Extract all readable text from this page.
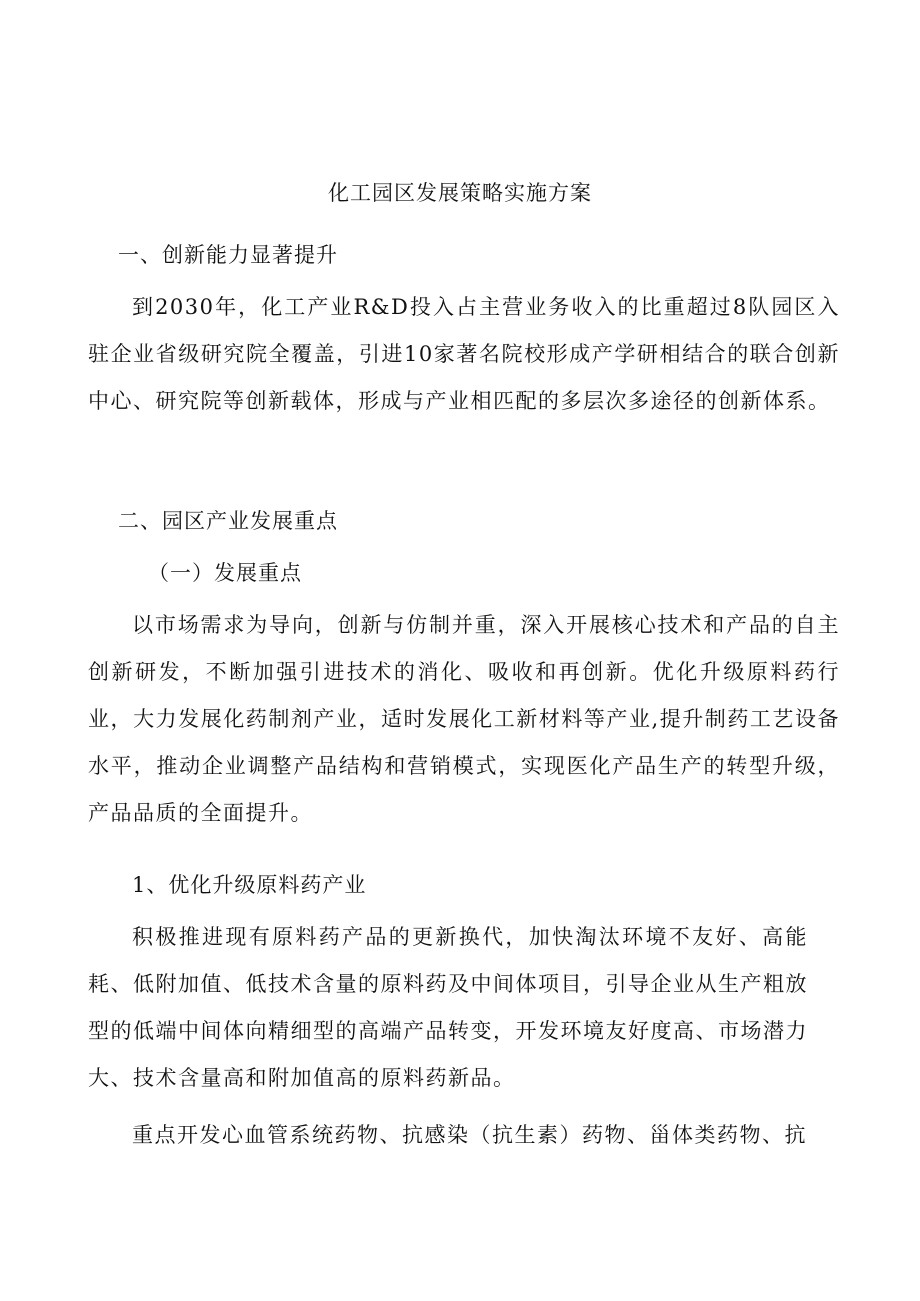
化工园区发展策略实施方案
一、创新能力显著提升

到2030年，化工产业R&D投入占主营业务收入的比重超过8队园区入驻企业省级研究院全覆盖，引进10家著名院校形成产学研相结合的联合创新中心、研究院等创新载体，形成与产业相匹配的多层次多途径的创新体系。

二、园区产业发展重点
（一）发展重点

以市场需求为导向，创新与仿制并重，深入开展核心技术和产品的自主创新研发，不断加强引进技术的消化、吸收和再创新。优化升级原料药行业，大力发展化药制剂产业，适时发展化工新材料等产业,提升制药工艺设备水平，推动企业调整产品结构和营销模式，实现医化产品生产的转型升级，产品品质的全面提升。

1、优化升级原料药产业

积极推进现有原料药产品的更新换代，加快淘汰环境不友好、高能耗、低附加值、低技术含量的原料药及中间体项目，引导企业从生产粗放型的低端中间体向精细型的高端产品转变，开发环境友好度高、市场潜力大、技术含量高和附加值高的原料药新品。

重点开发心血管系统药物、抗感染（抗生素）药物、甾体类药物、抗
